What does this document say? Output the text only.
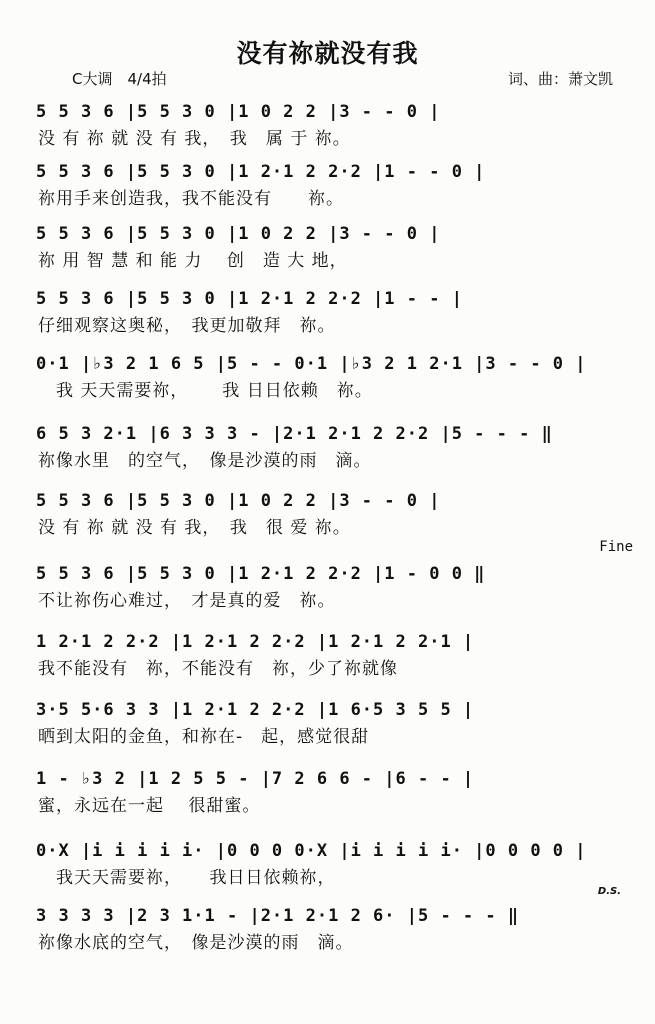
没有祢就没有我
C大调　4/4拍	词、曲：萧文凯
5 5 3 6 |5 5 3 0 |1 0 2 2 |3 - - 0 |
没 有 祢 就 没 有 我，　我　属 于 祢。
5 5 3 6 |5 5 3 0 |1 2·1 2 2·2 |1 - - 0 |
祢用手来创造我，我不能没有　　祢。
5 5 3 6 |5 5 3 0 |1 0 2 2 |3 - - 0 |
祢 用 智 慧 和 能 力　 创　造 大 地，
5 5 3 6 |5 5 3 0 |1 2·1 2 2·2 |1 - - |
仔细观察这奥秘，　我更加敬拜　祢。
0·1 |♭3 2 1 6 5 |5 - - 0·1 |♭3 2 1 2·1 |3 - - 0 |
　我 天天需要祢，　　 我 日日依赖　祢。
6 5 3 2·1 |6 3 3 3 - |2·1 2·1 2 2·2 |5 - - - ‖
祢像水里　的空气，　像是沙漠的雨　滴。
5 5 3 6 |5 5 3 0 |1 0 2 2 |3 - - 0 |
没 有 祢 就 没 有 我，　我　很 爱 祢。
Fine
5 5 3 6 |5 5 3 0 |1 2·1 2 2·2 |1 - 0 0 ‖
不让祢伤心难过，　才是真的爱　祢。
1 2·1 2 2·2 |1 2·1 2 2·2 |1 2·1 2 2·1 |
我不能没有　祢，不能没有　祢，少了祢就像
3·5 5·6 3 3 |1 2·1 2 2·2 |1 6·5 3 5 5 |
晒到太阳的金鱼，和祢在-　起，感觉很甜
1 - ♭3 2 |1 2 5 5 - |7 2 6 6 - |6 - - |
蜜，永远在一起　 很甜蜜。
0·X |i i i i i· |0 0 0 0·X |i i i i i· |0 0 0 0 |
　我天天需要祢，　　我日日依赖祢，
D.S.
3 3 3 3 |2 3 1·1 - |2·1 2·1 2 6· |5 - - - ‖
祢像水底的空气，　像是沙漠的雨　滴。
